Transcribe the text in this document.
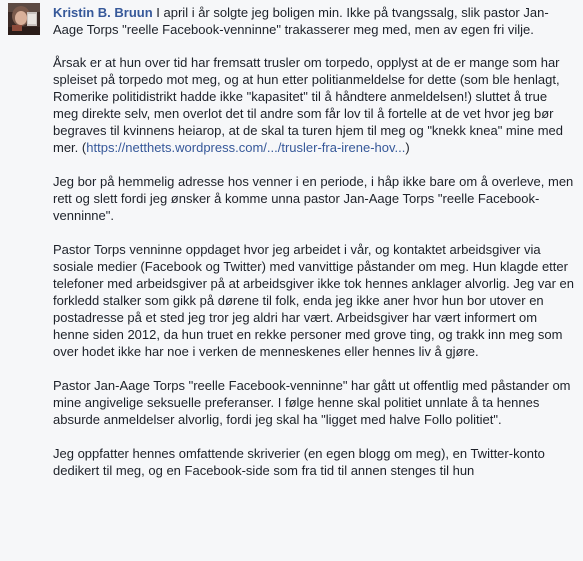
Kristin B. Bruun I april i år solgte jeg boligen min. Ikke på tvangssalg, slik pastor Jan-Aage Torps "reelle Facebook-venninne" trakasserer meg med, men av egen fri vilje.

Årsak er at hun over tid har fremsatt trusler om torpedo, opplyst at de er mange som har spleiset på torpedo mot meg, og at hun etter politianmeldelse for dette (som ble henlagt, Romerike politidistrikt hadde ikke "kapasitet" til å håndtere anmeldelsen!) sluttet å true meg direkte selv, men overlot det til andre som får lov til å fortelle at de vet hvor jeg bør begraves til kvinnens heiarop, at de skal ta turen hjem til meg og "knekk knea" mine med mer. (https://netthets.wordpress.com/.../trusler-fra-irene-hov...)

Jeg bor på hemmelig adresse hos venner i en periode, i håp ikke bare om å overleve, men rett og slett fordi jeg ønsker å komme unna pastor Jan-Aage Torps "reelle Facebook-venninne".

Pastor Torps venninne oppdaget hvor jeg arbeidet i vår, og kontaktet arbeidsgiver via sosiale medier (Facebook og Twitter) med vanvittige påstander om meg. Hun klagde etter telefoner med arbeidsgiver på at arbeidsgiver ikke tok hennes anklager alvorlig. Jeg var en forkledd stalker som gikk på dørene til folk, enda jeg ikke aner hvor hun bor utover en postadresse på et sted jeg tror jeg aldri har vært. Arbeidsgiver har vært informert om henne siden 2012, da hun truet en rekke personer med grove ting, og trakk inn meg som over hodet ikke har noe i verken de menneskenes eller hennes liv å gjøre.

Pastor Jan-Aage Torps "reelle Facebook-venninne" har gått ut offentlig med påstander om mine angivelige seksuelle preferanser. I følge henne skal politiet unnlate å ta hennes absurde anmeldelser alvorlig, fordi jeg skal ha "ligget med halve Follo politiet".

Jeg oppfatter hennes omfattende skriverier (en egen blogg om meg), en Twitter-konto dedikert til meg, og en Facebook-side som fra tid til annen stenges til hun
